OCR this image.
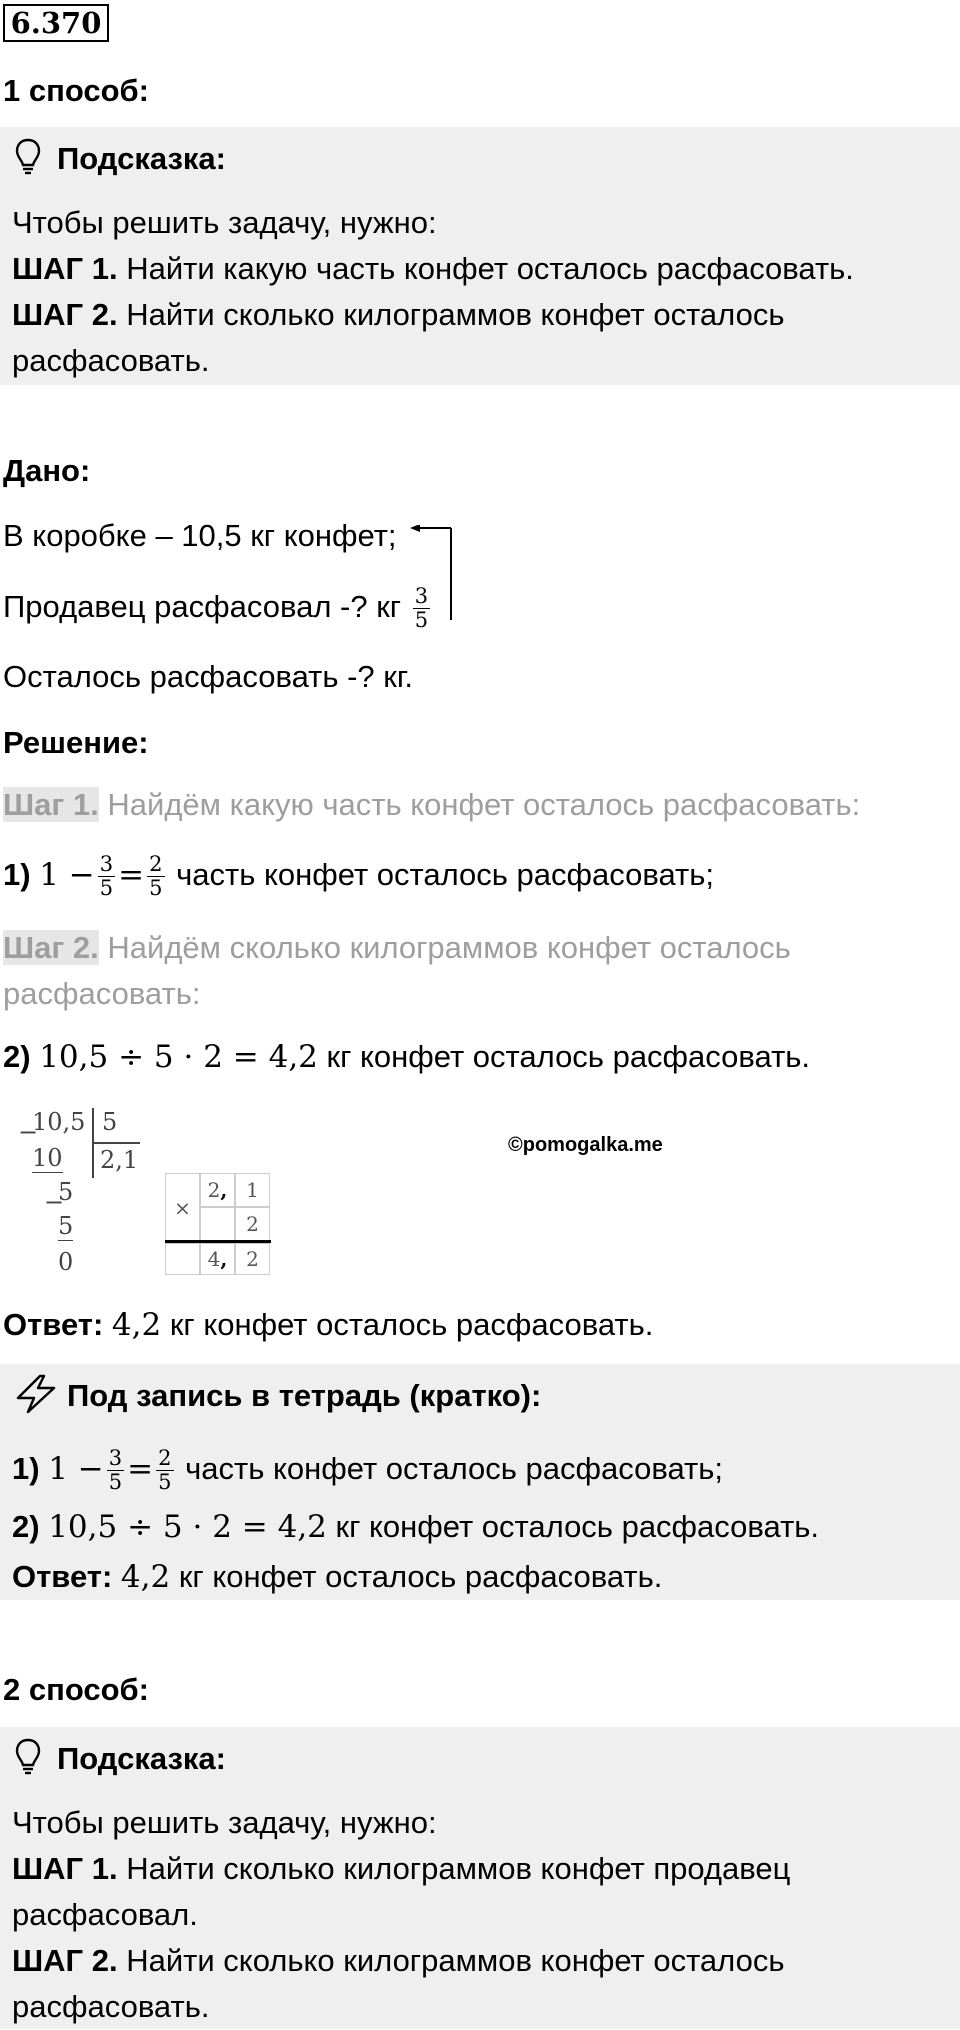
6.370
1 способ:
Подсказка:
Чтобы решить задачу, нужно:
ШАГ 1. Найти какую часть конфет осталось расфасовать.
ШАГ 2. Найти сколько килограммов конфет осталось
расфасовать.
Дано:
В коробке – 10,5 кг конфет;
Продавец расфасовал -? кг $\frac{3}{5}$
Осталось расфасовать -? кг.
Решение:
Шаг 1. Найдём какую часть конфет осталось расфасовать:
1) $1 - \frac{3}{5} = \frac{2}{5}$ часть конфет осталось расфасовать;
Шаг 2. Найдём сколько килограммов конфет осталось
расфасовать:
2) 10,5 ÷ 5 · 2 = 4,2 кг конфет осталось расфасовать.
−
10,5 5
10 2,1
−
5
5
0
×
2, 1
2
4, 2
©pomogalka.me
Ответ: 4,2 кг конфет осталось расфасовать.
Под запись в тетрадь (кратко):
1) $1 - \frac{3}{5} = \frac{2}{5}$ часть конфет осталось расфасовать;
2) 10,5 ÷ 5 · 2 = 4,2 кг конфет осталось расфасовать.
Ответ: 4,2 кг конфет осталось расфасовать.
2 способ:
Подсказка:
Чтобы решить задачу, нужно:
ШАГ 1. Найти сколько килограммов конфет продавец
расфасовал.
ШАГ 2. Найти сколько килограммов конфет осталось
расфасовать.
